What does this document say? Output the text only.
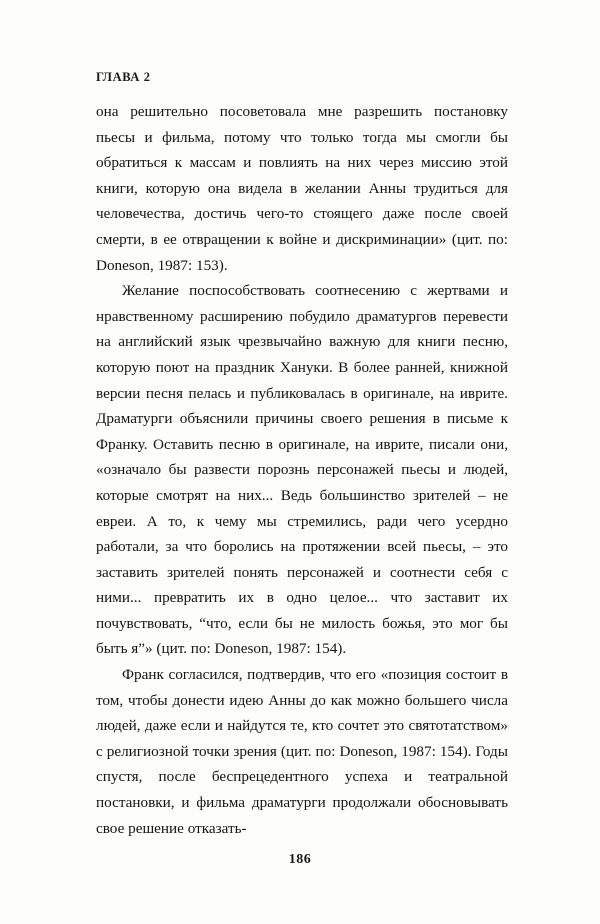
ГЛАВА 2

она решительно посоветовала мне разрешить постановку пьесы и фильма, потому что только тогда мы смогли бы обратиться к массам и повлиять на них через миссию этой книги, которую она видела в желании Анны трудиться для человечества, достичь чего-то стоящего даже после своей смерти, в ее отвращении к войне и дискриминации» (цит. по: Doneson, 1987: 153).

Желание поспособствовать соотнесению с жертвами и нравственному расширению побудило драматургов перевести на английский язык чрезвычайно важную для книги песню, которую поют на праздник Хануки. В более ранней, книжной версии песня пелась и публиковалась в оригинале, на иврите. Драматурги объяснили причины своего решения в письме к Франку. Оставить песню в оригинале, на иврите, писали они, «означало бы развести порознь персонажей пьесы и людей, которые смотрят на них... Ведь большинство зрителей – не евреи. А то, к чему мы стремились, ради чего усердно работали, за что боролись на протяжении всей пьесы, – это заставить зрителей понять персонажей и соотнести себя с ними... превратить их в одно целое... что заставит их почувствовать, “что, если бы не милость божья, это мог бы быть я”» (цит. по: Doneson, 1987: 154).

Франк согласился, подтвердив, что его «позиция состоит в том, чтобы донести идею Анны до как можно большего числа людей, даже если и найдутся те, кто сочтет это святотатством» с религиозной точки зрения (цит. по: Doneson, 1987: 154). Годы спустя, после беспрецедентного успеха и театральной постановки, и фильма драматурги продолжали обосновывать свое решение отказать-

186
